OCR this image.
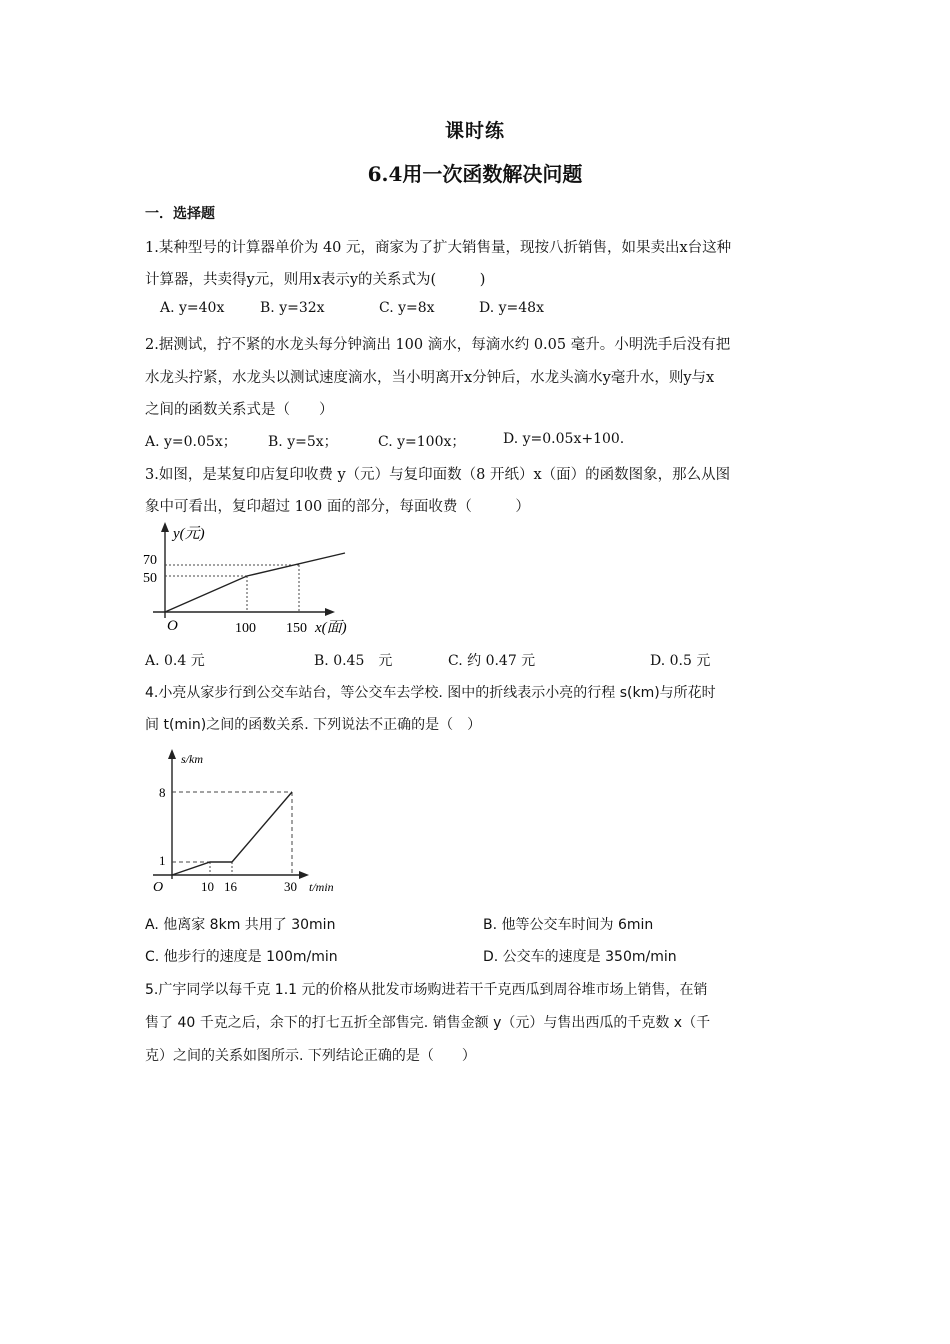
课时练
6.4用一次函数解决问题
一．选择题
1.某种型号的计算器单价为 40 元，商家为了扩大销售量，现按八折销售，如果卖出x台这种
计算器，共卖得y元，则用x表示y的关系式为(　　　)
A. y=40x	B. y=32x	C. y=8x	D. y=48x
2.据测试，拧不紧的水龙头每分钟滴出 100 滴水，每滴水约 0.05 毫升。小明洗手后没有把
水龙头拧紧，水龙头以测试速度滴水，当小明离开x分钟后，水龙头滴水y毫升水，则y与x
之间的函数关系式是（　　）
A. y=0.05x； B. y=5x；	C. y=100x；	D. y=0.05x+100.
3.如图，是某复印店复印收费 y（元）与复印面数（8 开纸）x（面）的函数图象，那么从图
象中可看出，复印超过 100 面的部分，每面收费（　　　）
y(元)
70
50
O	100 150 x(面)
A. 0.4 元	B. 0.45　元	C. 约 0.47 元	D. 0.5 元
4.小亮从家步行到公交车站台，等公交车去学校. 图中的折线表示小亮的行程 s(km)与所花时
间 t(min)之间的函数关系. 下列说法不正确的是（　）
s/km
8
1
O	10 16	30 t/min
A. 他离家 8km 共用了 30min	B. 他等公交车时间为 6min
C. 他步行的速度是 100m/min	D. 公交车的速度是 350m/min
5.广宇同学以每千克 1.1 元的价格从批发市场购进若干千克西瓜到周谷堆市场上销售，在销
售了 40 千克之后，余下的打七五折全部售完. 销售金额 y（元）与售出西瓜的千克数 x（千
克）之间的关系如图所示. 下列结论正确的是（　　）
